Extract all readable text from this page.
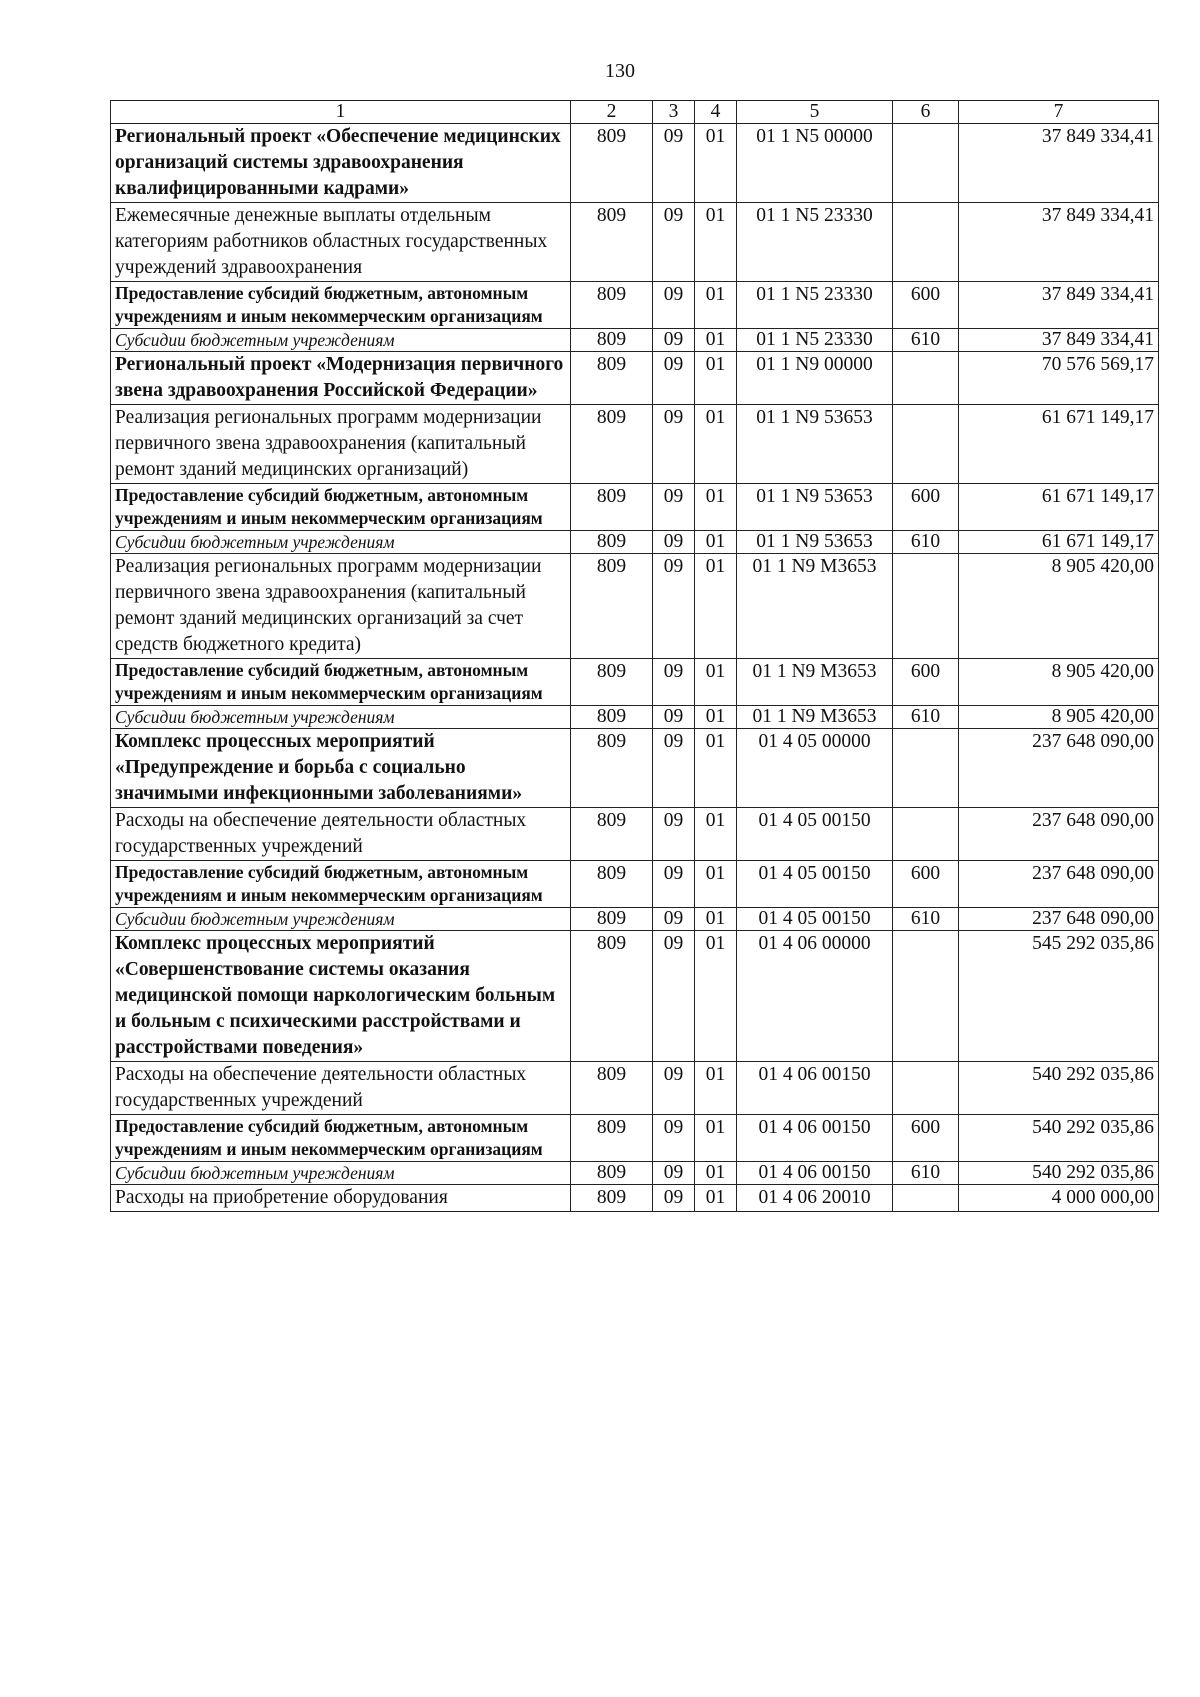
130
1	2	3	4	5	6	7
Региональный проект «Обеспечение медицинских организаций системы здравоохранения квалифицированными кадрами»	809	09	01	01 1 N5 00000		37 849 334,41
Ежемесячные денежные выплаты отдельным категориям работников областных государственных учреждений здравоохранения	809	09	01	01 1 N5 23330		37 849 334,41
Предоставление субсидий бюджетным, автономным учреждениям и иным некоммерческим организациям	809	09	01	01 1 N5 23330	600	37 849 334,41
Субсидии бюджетным учреждениям	809	09	01	01 1 N5 23330	610	37 849 334,41
Региональный проект «Модернизация первичного звена здравоохранения Российской Федерации»	809	09	01	01 1 N9 00000		70 576 569,17
Реализация региональных программ модернизации первичного звена здравоохранения (капитальный ремонт зданий медицинских организаций)	809	09	01	01 1 N9 53653		61 671 149,17
Предоставление субсидий бюджетным, автономным учреждениям и иным некоммерческим организациям	809	09	01	01 1 N9 53653	600	61 671 149,17
Субсидии бюджетным учреждениям	809	09	01	01 1 N9 53653	610	61 671 149,17
Реализация региональных программ модернизации первичного звена здравоохранения (капитальный ремонт зданий медицинских организаций за счет средств бюджетного кредита)	809	09	01	01 1 N9 M3653		8 905 420,00
Предоставление субсидий бюджетным, автономным учреждениям и иным некоммерческим организациям	809	09	01	01 1 N9 M3653	600	8 905 420,00
Субсидии бюджетным учреждениям	809	09	01	01 1 N9 M3653	610	8 905 420,00
Комплекс процессных мероприятий «Предупреждение и борьба с социально значимыми инфекционными заболеваниями»	809	09	01	01 4 05 00000		237 648 090,00
Расходы на обеспечение деятельности областных государственных учреждений	809	09	01	01 4 05 00150		237 648 090,00
Предоставление субсидий бюджетным, автономным учреждениям и иным некоммерческим организациям	809	09	01	01 4 05 00150	600	237 648 090,00
Субсидии бюджетным учреждениям	809	09	01	01 4 05 00150	610	237 648 090,00
Комплекс процессных мероприятий «Совершенствование системы оказания медицинской помощи наркологическим больным и больным с психическими расстройствами и расстройствами поведения»	809	09	01	01 4 06 00000		545 292 035,86
Расходы на обеспечение деятельности областных государственных учреждений	809	09	01	01 4 06 00150		540 292 035,86
Предоставление субсидий бюджетным, автономным учреждениям и иным некоммерческим организациям	809	09	01	01 4 06 00150	600	540 292 035,86
Субсидии бюджетным учреждениям	809	09	01	01 4 06 00150	610	540 292 035,86
Расходы на приобретение оборудования	809	09	01	01 4 06 20010		4 000 000,00
